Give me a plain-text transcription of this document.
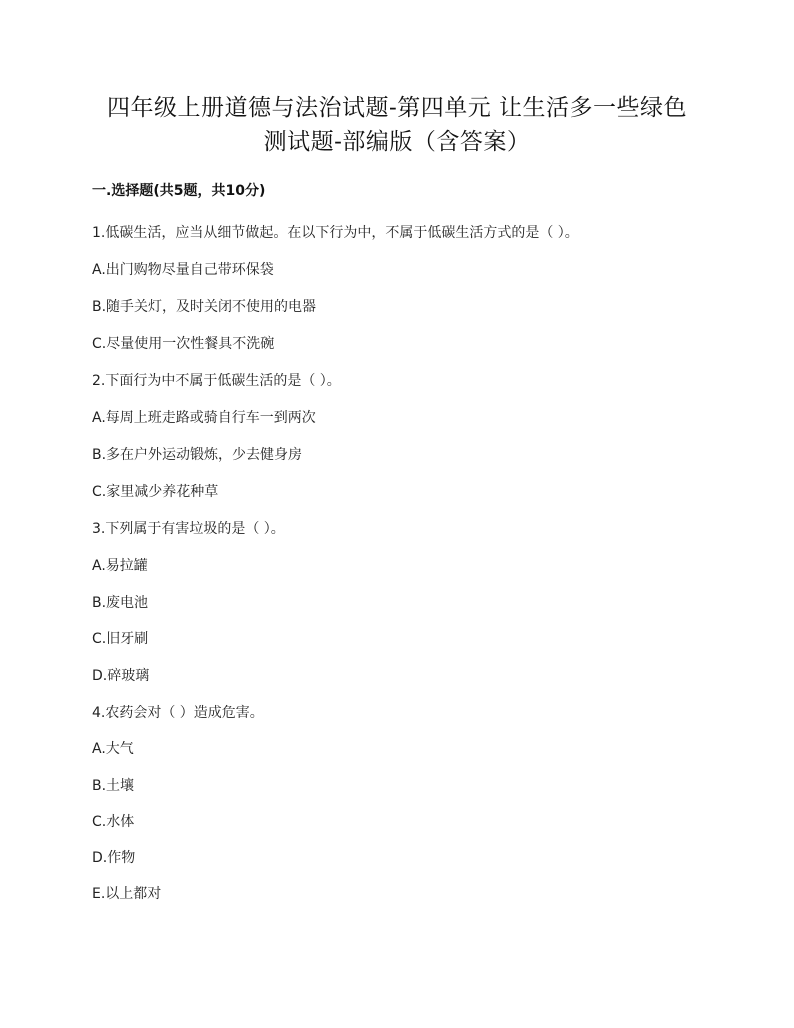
四年级上册道德与法治试题-第四单元 让生活多一些绿色
测试题-部编版（含答案）
一.选择题(共5题，共10分)
1.低碳生活，应当从细节做起。在以下行为中，不属于低碳生活方式的是（ ）。
A.出门购物尽量自己带环保袋
B.随手关灯，及时关闭不使用的电器
C.尽量使用一次性餐具不洗碗
2.下面行为中不属于低碳生活的是（ ）。
A.每周上班走路或骑自行车一到两次
B.多在户外运动锻炼，少去健身房
C.家里减少养花种草
3.下列属于有害垃圾的是（ ）。
A.易拉罐
B.废电池
C.旧牙刷
D.碎玻璃
4.农药会对（ ）造成危害。
A.大气
B.土壤
C.水体
D.作物
E.以上都对
